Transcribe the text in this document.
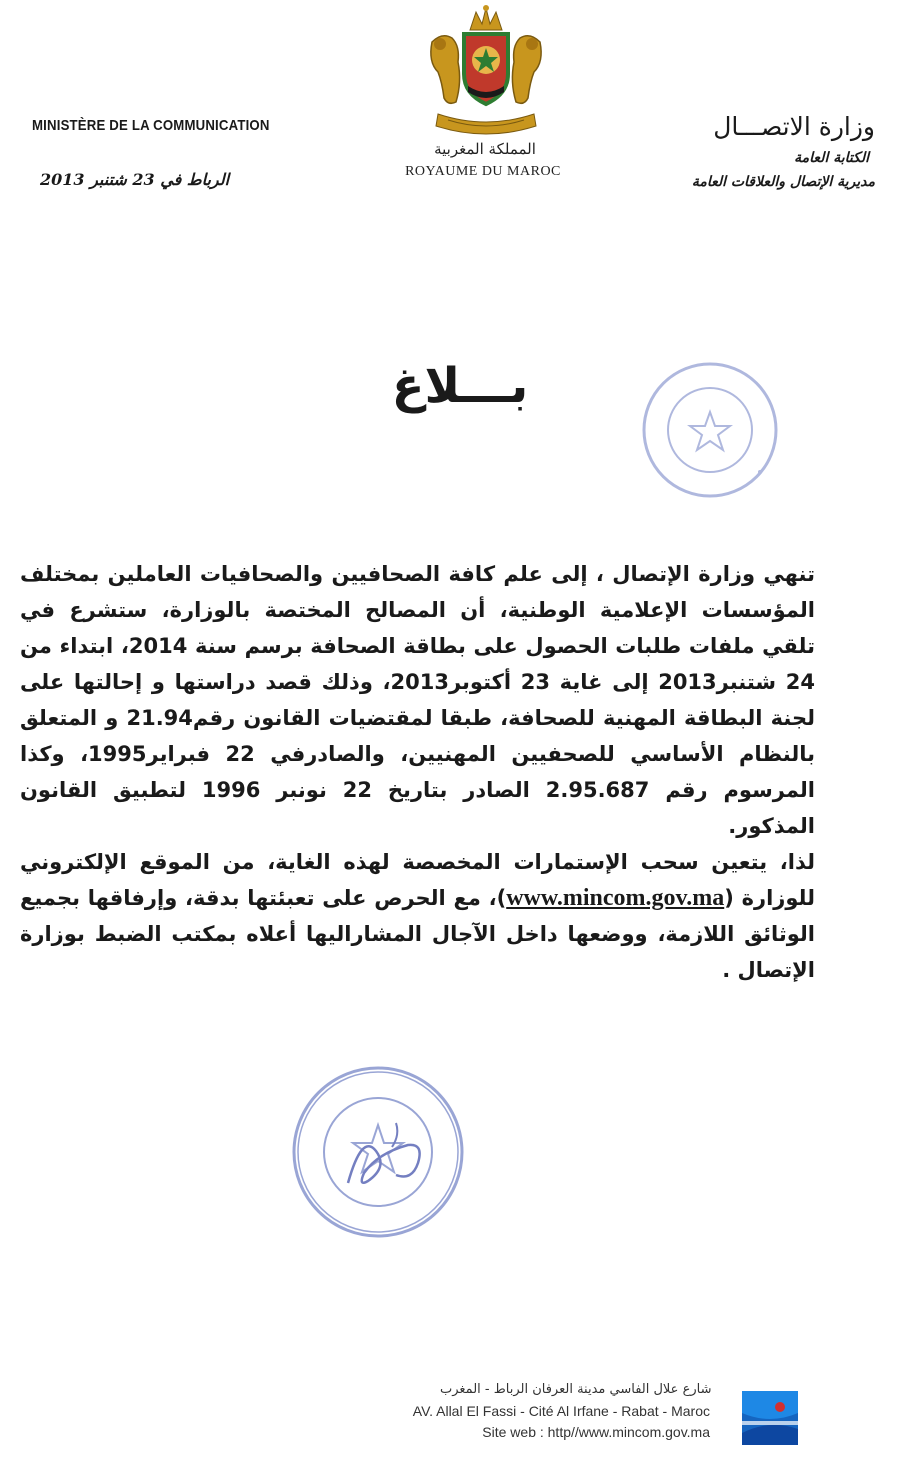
المملكة المغربية
ROYAUME DU MAROC
MINISTÈRE DE LA COMMUNICATION
الرباط في 23 شتنبر 2013
وزارة الاتصـــال
الكتابة العامة
مديرية الإتصال والعلاقات العامة
بـــلاغ

تنهي وزارة الإتصال ، إلى علم كافة الصحافيين والصحافيات العاملين بمختلف المؤسسات الإعلامية الوطنية، أن المصالح المختصة بالوزارة، ستشرع في تلقي ملفات طلبات الحصول على بطاقة الصحافة برسم سنة 2014، ابتداء من 24 شتنبر2013 إلى غاية 23 أكتوبر2013، وذلك قصد دراستها و إحالتها على لجنة البطاقة المهنية للصحافة، طبقا لمقتضيات القانون رقم21.94 و المتعلق بالنظام الأساسي للصحفيين المهنيين، والصادرفي 22 فبراير1995، وكذا المرسوم رقم 2.95.687 الصادر بتاريخ 22 نونبر 1996 لتطبيق القانون المذكور.

لذا، يتعين سحب الإستمارات المخصصة لهذه الغاية، من الموقع الإلكتروني للوزارة (www.mincom.gov.ma)، مع الحرص على تعبئتها بدقة، وإرفاقها بجميع الوثائق اللازمة، ووضعها داخل الآجال المشاراليها أعلاه بمكتب الضبط بوزارة الإتصال .

شارع علال الفاسي مدينة العرفان الرباط - المغرب
AV. Allal El Fassi - Cité Al Irfane - Rabat - Maroc
Site web : http//www.mincom.gov.ma
